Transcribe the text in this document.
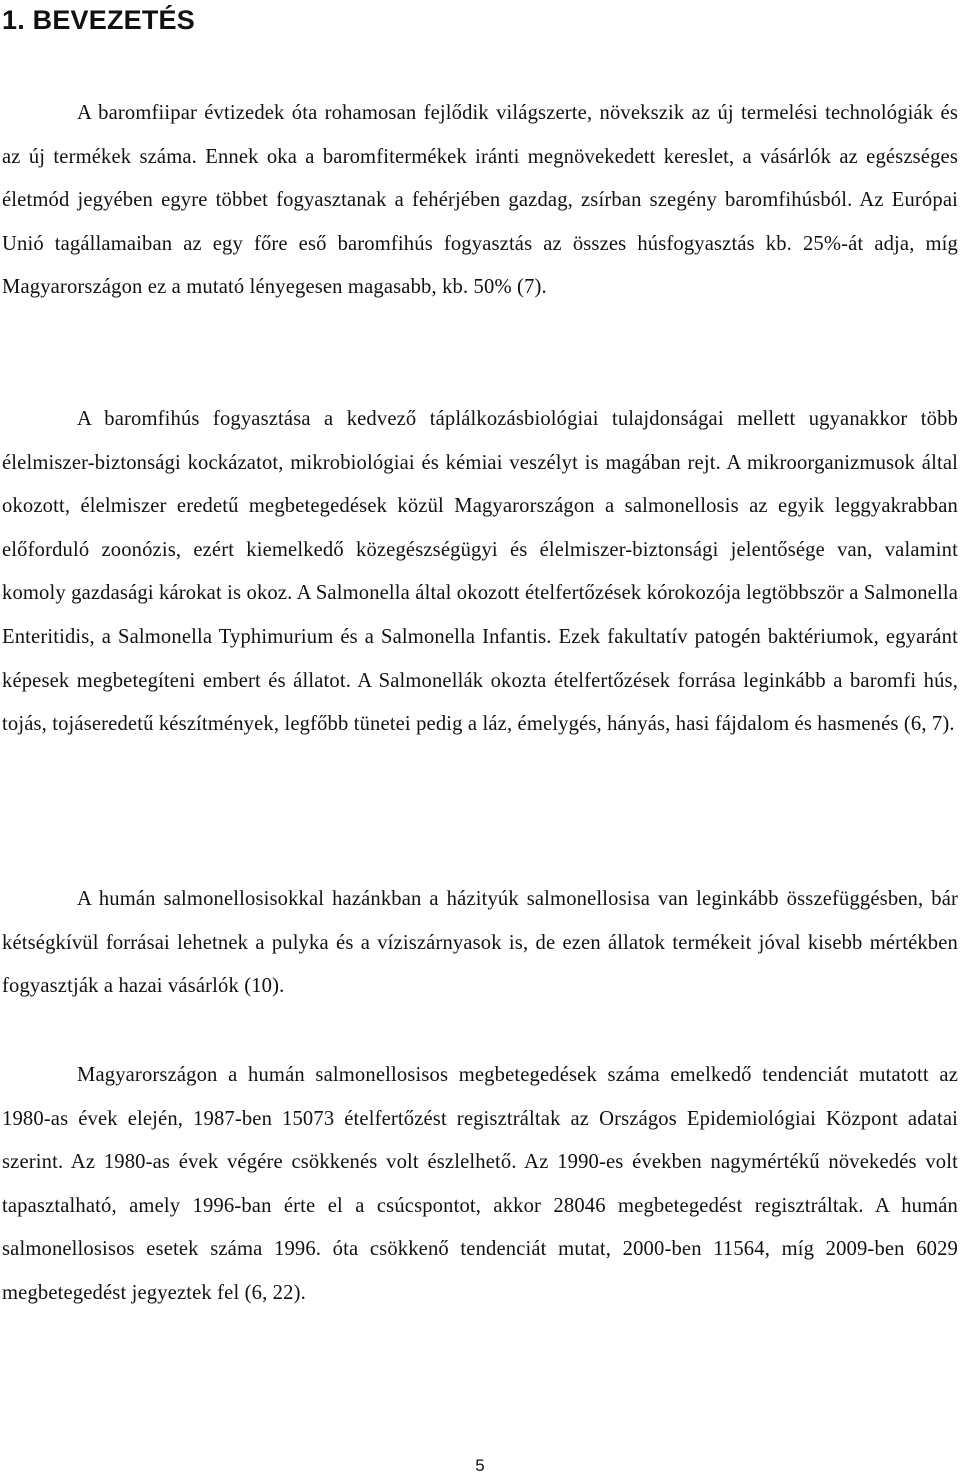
1. BEVEZETÉS

A baromfiipar évtizedek óta rohamosan fejlődik világszerte, növekszik az új termelési technológiák és az új termékek száma. Ennek oka a baromfitermékek iránti megnövekedett kereslet, a vásárlók az egészséges életmód jegyében egyre többet fogyasztanak a fehérjében gazdag, zsírban szegény baromfihúsból. Az Európai Unió tagállamaiban az egy főre eső baromfihús fogyasztás az összes húsfogyasztás kb. 25%-át adja, míg Magyarországon ez a mutató lényegesen magasabb, kb. 50% (7).

A baromfihús fogyasztása a kedvező táplálkozásbiológiai tulajdonságai mellett ugyanakkor több élelmiszer-biztonsági kockázatot, mikrobiológiai és kémiai veszélyt is magában rejt. A mikroorganizmusok által okozott, élelmiszer eredetű megbetegedések közül Magyarországon a salmonellosis az egyik leggyakrabban előforduló zoonózis, ezért kiemelkedő közegészségügyi és élelmiszer-biztonsági jelentősége van, valamint komoly gazdasági károkat is okoz. A Salmonella által okozott ételfertőzések kórokozója legtöbbször a Salmonella Enteritidis, a Salmonella Typhimurium és a Salmonella Infantis. Ezek fakultatív patogén baktériumok, egyaránt képesek megbetegíteni embert és állatot. A Salmonellák okozta ételfertőzések forrása leginkább a baromfi hús, tojás, tojáseredetű készítmények, legfőbb tünetei pedig a láz, émelygés, hányás, hasi fájdalom és hasmenés (6, 7).

A humán salmonellosisokkal hazánkban a házityúk salmonellosisa van leginkább összefüggésben, bár kétségkívül forrásai lehetnek a pulyka és a víziszárnyasok is, de ezen állatok termékeit jóval kisebb mértékben fogyasztják a hazai vásárlók (10).

Magyarországon a humán salmonellosisos megbetegedések száma emelkedő tendenciát mutatott az 1980-as évek elején, 1987-ben 15073 ételfertőzést regisztráltak az Országos Epidemiológiai Központ adatai szerint. Az 1980-as évek végére csökkenés volt észlelhető. Az 1990-es években nagymértékű növekedés volt tapasztalható, amely 1996-ban érte el a csúcspontot, akkor 28046 megbetegedést regisztráltak. A humán salmonellosisos esetek száma 1996. óta csökkenő tendenciát mutat, 2000-ben 11564, míg 2009-ben 6029 megbetegedést jegyeztek fel (6, 22).

5
